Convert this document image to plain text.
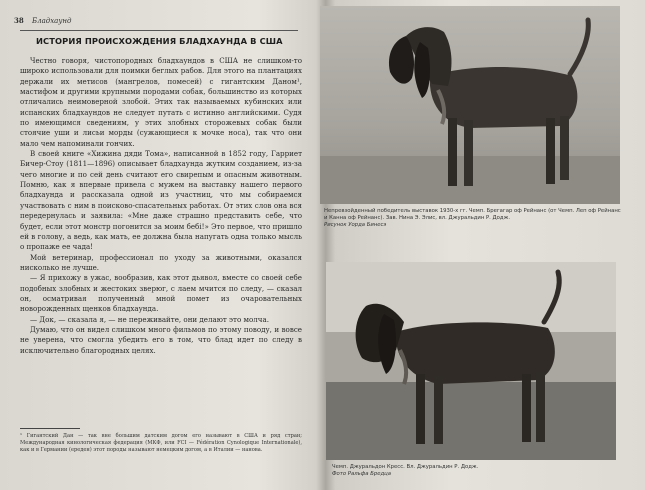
38 Бладхаунд
ИСТОРИЯ ПРОИСХОЖДЕНИЯ БЛАДХАУНДА В США

Честно говоря, чистопородных бладхаундов в США не слишком-то широко использовали для поимки беглых рабов. Для этого на плантациях держали их метисов (мангрелов, помесей) с гигантским Даном¹, мастифом и другими крупными породами собак, большинство из которых отличались неимоверной злобой. Этих так называемых кубинских или испанских бладхаундов не следует путать с истинно английскими. Судя по имеющимся сведениям, у этих злобных сторожевых собак были стоячие уши и лисьи морды (сужающиеся к мочке носа), так что они мало чем напоминали гончих.

В своей книге «Хижина дяди Тома», написанной в 1852 году, Гарриет Бичер-Стоу (1811—1896) описывает бладхаунда жутким созданием, из-за чего многие и по сей день считают его свирепым и опасным животным. Помню, как я впервые привела с мужем на выставку нашего первого бладхаунда и рассказала одной из участниц, что мы собираемся участвовать с ним в поисково-спасательных работах. От этих слов она вся передернулась и заявила: «Мне даже страшно представить себе, что будет, если этот монстр погонится за моим бебі!» Это первое, что пришло ей в голову, а ведь, как мать, ее должна была напугать одна только мысль о пропаже ее чада!

Мой ветеринар, профессионал по уходу за животными, оказался нисколько не лучше.

— Я прихожу в ужас, вообразив, как этот дьявол, вместе со своей себе подобных злобных и жестоких зверюг, с лаем мчится по следу, — сказал он, осматривая полученный мной помет из очаровательных новорожденных щенков бладхаунда.

— Док, — сказала я, — не переживайте, они делают это молча.

Думаю, что он видел слишком много фильмов по этому поводу, и вовсе не уверена, что смогла убедить его в том, что блад идет по следу в исключительно благородных целях.

¹ Гигантский Дан — так вне большим датским догом его называют в США и ряд стран; Международная кинологическая федерация (МКФ, или FCI — Fédération Cynologique Internationale), как и в Германии (ереден) этот породы называют немецким догом, а в Италии — нанова.
Непревзойденный победитель выставок 1930-х гг. Чемп. Брегагар оф Рейнанс (от Чемп. Леп оф Рейнанс и Канна оф Рейнанс). Зав. Нина Э. Элис, вл. Джуральдин Р. Додж.
Рисунок Уорда Бинесэ
Чемп. Джуральдон Кресс. Вл. Джуральдин Р. Додж.
Фото Ральфа Бредца
